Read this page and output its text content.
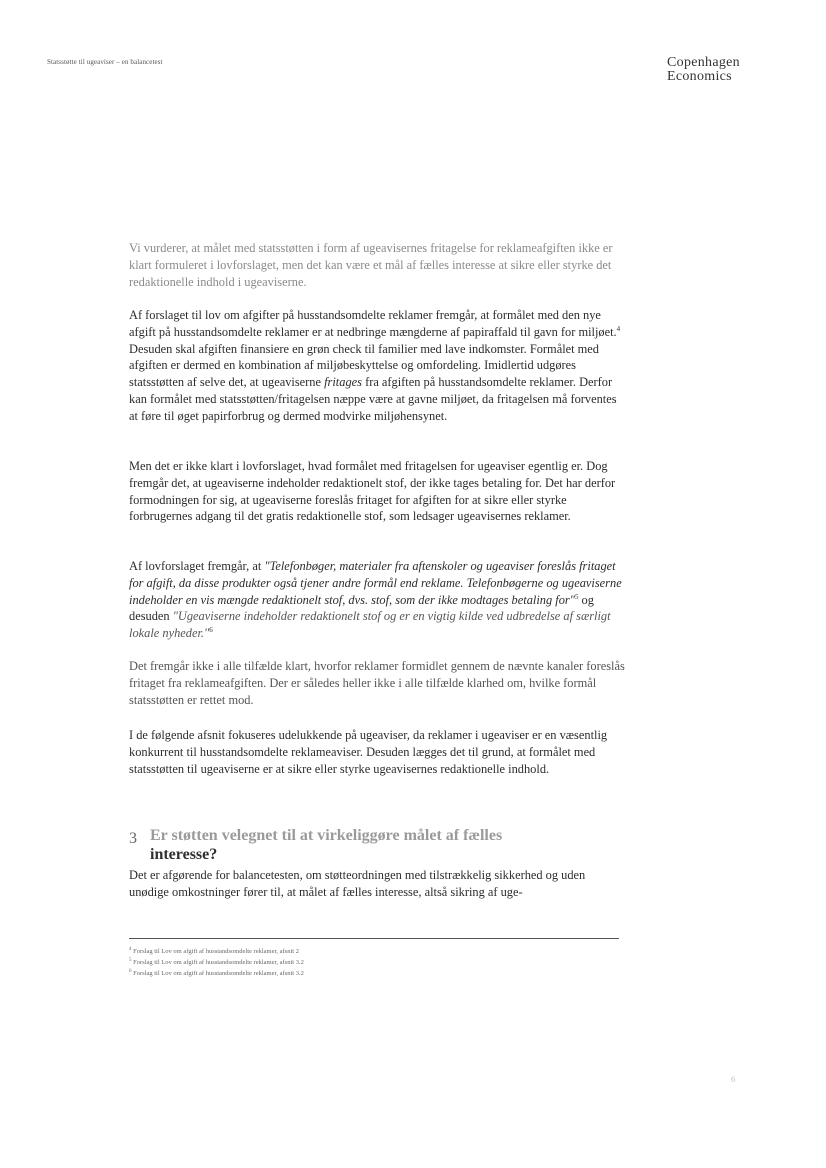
Statsstøtte til ugeaviser – en balancetest	Copenhagen
Economics

Vi vurderer, at målet med statsstøtten i form af ugeavisernes fritagelse for reklameafgiften ikke er klart formuleret i lovforslaget, men det kan være et mål af fælles interesse at sikre eller styrke det redaktionelle indhold i ugeaviserne.

Af forslaget til lov om afgifter på husstandsomdelte reklamer fremgår, at formålet med den nye afgift på husstandsomdelte reklamer er at nedbringe mængderne af papiraffald til gavn for miljøet.$^4$ Desuden skal afgiften finansiere en grøn check til familier med lave indkomster. Formålet med afgiften er dermed en kombination af miljøbeskyttelse og omfordeling. Imidlertid udgøres statsstøtten af selve det, at ugeaviserne fritages fra afgiften på husstandsomdelte reklamer. Derfor kan formålet med statsstøtten/fritagelsen næppe være at gavne miljøet, da fritagelsen må forventes at føre til øget papirforbrug og dermed modvirke miljøhensynet.

Men det er ikke klart i lovforslaget, hvad formålet med fritagelsen for ugeaviser egentlig er. Dog fremgår det, at ugeaviserne indeholder redaktionelt stof, der ikke tages betaling for. Det har derfor formodningen for sig, at ugeaviserne foreslås fritaget for afgiften for at sikre eller styrke forbrugernes adgang til det gratis redaktionelle stof, som ledsager ugeavisernes reklamer.

Af lovforslaget fremgår, at "Telefonbøger, materialer fra aftenskoler og ugeaviser foreslås fritaget for afgift, da disse produkter også tjener andre formål end reklame. Telefonbøgerne og ugeaviserne indeholder en vis mængde redaktionelt stof, dvs. stof, som der ikke modtages betaling for"$^5$ og desuden "Ugeaviserne indeholder redaktionelt stof og er en vigtig kilde ved udbredelse af særligt lokale nyheder."$^6$

Det fremgår ikke i alle tilfælde klart, hvorfor reklamer formidlet gennem de nævnte kanaler foreslås fritaget fra reklameafgiften. Der er således heller ikke i alle tilfælde klarhed om, hvilke formål statsstøtten er rettet mod.

I de følgende afsnit fokuseres udelukkende på ugeaviser, da reklamer i ugeaviser er en væsentlig konkurrent til husstandsomdelte reklameaviser. Desuden lægges det til grund, at formålet med statsstøtten til ugeaviserne er at sikre eller styrke ugeavisernes redaktionelle indhold.

3 Er støtten velegnet til at virkeliggøre målet af fælles
interesse?

Det er afgørende for balancetesten, om støtteordningen med tilstrækkelig sikkerhed og uden unødige omkostninger fører til, at målet af fælles interesse, altså sikring af uge-

$^4$ Forslag til Lov om afgift af husstandsomdelte reklamer, afsnit 2
$^5$ Forslag til Lov om afgift af husstandsomdelte reklamer, afsnit 3.2
$^6$ Forslag til Lov om afgift af husstandsomdelte reklamer, afsnit 3.2
6
